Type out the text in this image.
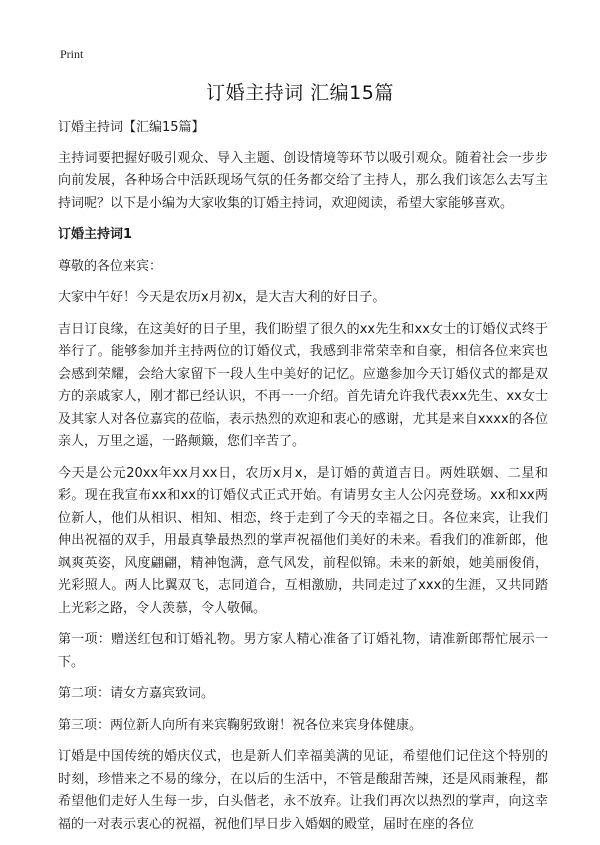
Print
订婚主持词 汇编15篇

订婚主持词【汇编15篇】

主持词要把握好吸引观众、导入主题、创设情境等环节以吸引观众。随着社会一步步向前发展，各种场合中活跃现场气氛的任务都交给了主持人，那么我们该怎么去写主持词呢？以下是小编为大家收集的订婚主持词，欢迎阅读，希望大家能够喜欢。

订婚主持词1

尊敬的各位来宾：

大家中午好！今天是农历x月初x，是大吉大利的好日子。

吉日订良缘，在这美好的日子里，我们盼望了很久的xx先生和xx女士的订婚仪式终于举行了。能够参加并主持两位的订婚仪式，我感到非常荣幸和自豪，相信各位来宾也会感到荣耀，会给大家留下一段人生中美好的记忆。应邀参加今天订婚仪式的都是双方的亲戚家人，刚才都已经认识，不再一一介绍。首先请允许我代表xx先生、xx女士及其家人对各位嘉宾的莅临，表示热烈的欢迎和衷心的感谢，尤其是来自xxxx的各位亲人，万里之遥，一路颠簸，您们辛苦了。

今天是公元20xx年xx月xx日，农历x月x，是订婚的黄道吉日。两姓联姻、二星和彩。现在我宣布xx和xx的订婚仪式正式开始。有请男女主人公闪亮登场。xx和xx两位新人，他们从相识、相知、相恋，终于走到了今天的幸福之日。各位来宾，让我们伸出祝福的双手，用最真挚最热烈的掌声祝福他们美好的未来。看我们的准新郎，他飒爽英姿，风度翩翩，精神饱满，意气风发，前程似锦。未来的新娘，她美丽俊俏，光彩照人。两人比翼双飞，志同道合，互相激励，共同走过了xxx的生涯，又共同踏上光彩之路，令人羡慕，令人敬佩。

第一项：赠送红包和订婚礼物。男方家人精心准备了订婚礼物，请准新郎帮忙展示一下。

第二项：请女方嘉宾致词。

第三项：两位新人向所有来宾鞠躬致谢！祝各位来宾身体健康。

订婚是中国传统的婚庆仪式，也是新人们幸福美满的见证，希望他们记住这个特别的时刻，珍惜来之不易的缘分，在以后的生活中，不管是酸甜苦辣，还是风雨兼程，都希望他们走好人生每一步，白头偕老，永不放弃。让我们再次以热烈的掌声，向这幸福的一对表示衷心的祝福，祝他们早日步入婚姻的殿堂，届时在座的各位
